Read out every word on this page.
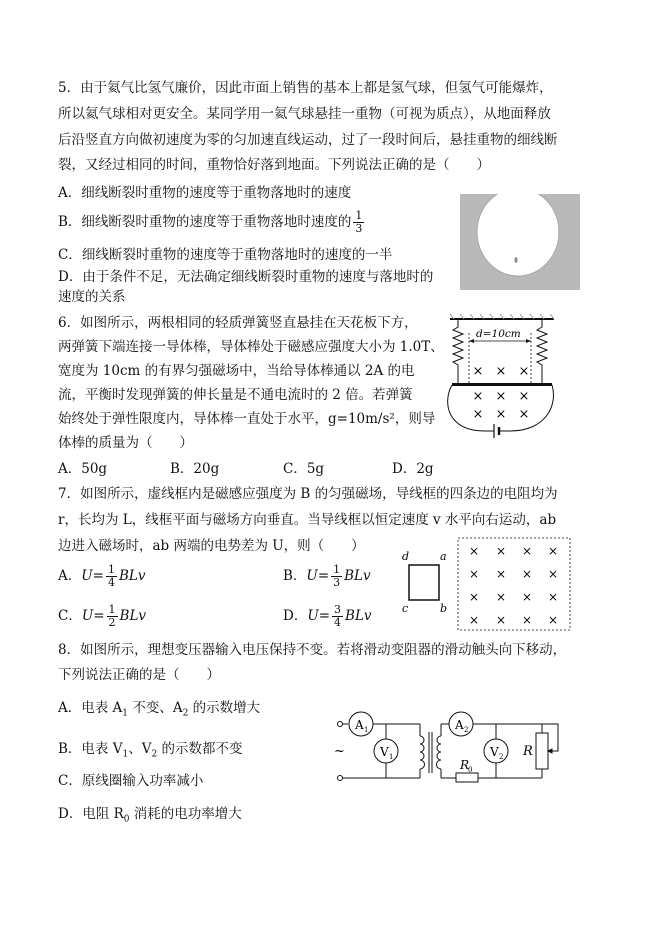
5．由于氦气比氢气廉价，因此市面上销售的基本上都是氢气球，但氢气可能爆炸，
所以氦气球相对更安全。某同学用一氦气球悬挂一重物（可视为质点），从地面释放
后沿竖直方向做初速度为零的匀加速直线运动，过了一段时间后，悬挂重物的细线断
裂，又经过相同的时间，重物恰好落到地面。下列说法正确的是（　　）
A．细线断裂时重物的速度等于重物落地时的速度
B．细线断裂时重物的速度等于重物落地时速度的 $\frac{1}{3}$
C．细线断裂时重物的速度等于重物落地时的速度的一半
D．由于条件不足，无法确定细线断裂时重物的速度与落地时的
速度的关系
6．如图所示，两根相同的轻质弹簧竖直悬挂在天花板下方，
两弹簧下端连接一导体棒，导体棒处于磁感应强度大小为 1.0T、
宽度为 10cm 的有界匀强磁场中，当给导体棒通以 2A 的电
流，平衡时发现弹簧的伸长量是不通电流时的 2 倍。若弹簧
始终处于弹性限度内，导体棒一直处于水平，g=10m/s²，则导
体棒的质量为（　　）
A．50g	B．20g	C．5g	D．2g
d=10cm
× × ×
× × ×
× × ×
7．如图所示，虚线框内是磁感应强度为 B 的匀强磁场，导线框的四条边的电阻均为
r，长均为 L，线框平面与磁场方向垂直。当导线框以恒定速度 v 水平向右运动，ab
边进入磁场时，ab 两端的电势差为 U，则（　　）
A．$U= \frac{1}{4}$ BLv	B．$U= \frac{1}{3}$ BLv
C．$U= \frac{1}{2}$ BLv	D．$U= \frac{3}{4}$ BLv
d	a
c	b
× × × ×
× × × ×
× × × ×
× × × ×
8．如图所示，理想变压器输入电压保持不变。若将滑动变阻器的滑动触头向下移动，
下列说法正确的是（　　）
A．电表 $A_1$ 不变、$A_2$ 的示数增大
B．电表 $V_1$、$V_2$ 的示数都不变
C．原线圈输入功率减小
D．电阻 $R_0$ 消耗的电功率增大
~
A 1
V 1
A 2
V 2
R
0
R
